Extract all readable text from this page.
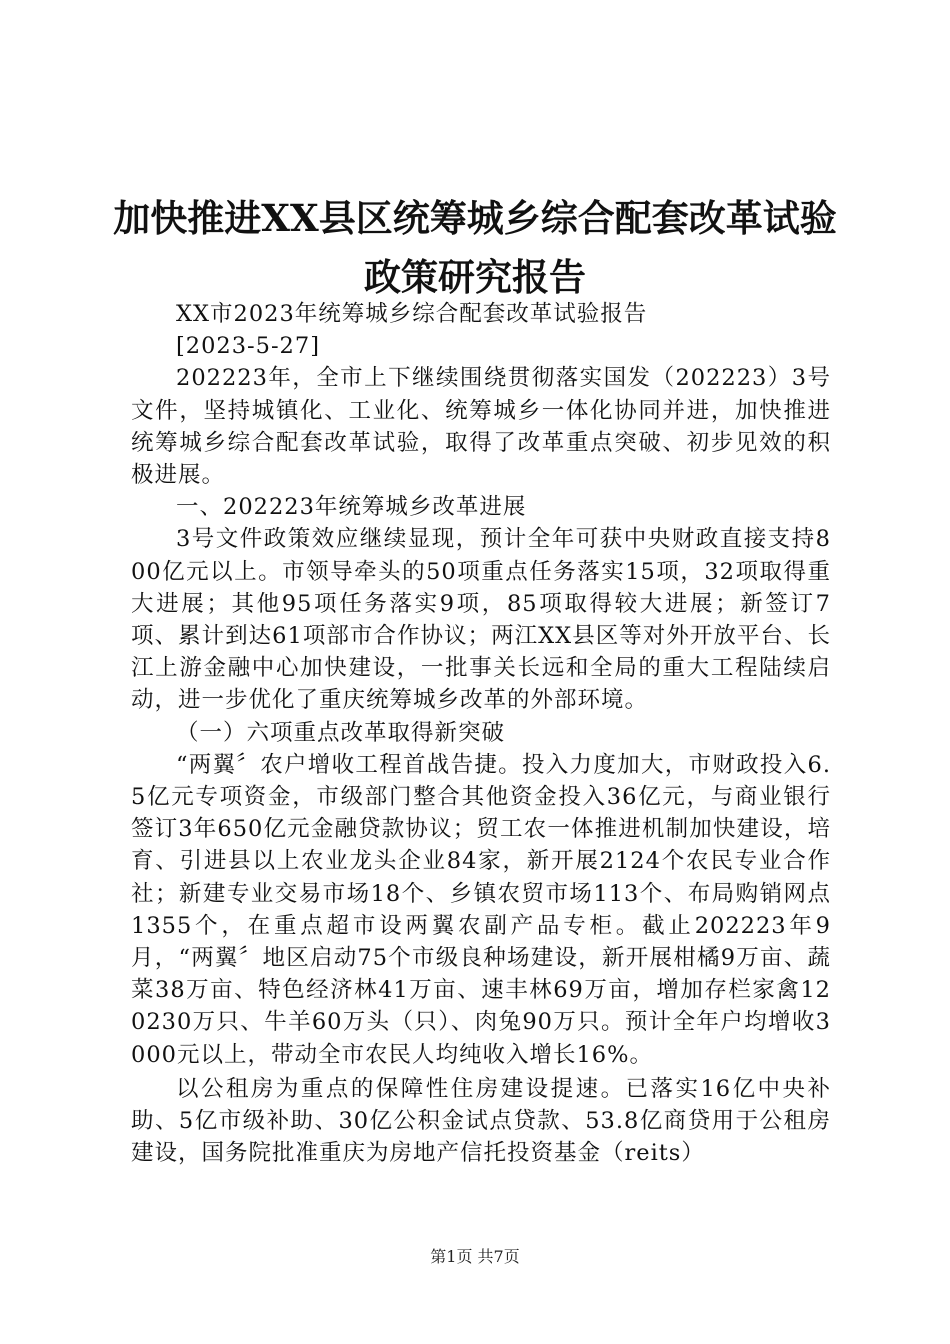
加快推进XX县区统筹城乡综合配套改革试验
政策研究报告

XX市2023年统筹城乡综合配套改革试验报告

[2023-5-27]

202223年，全市上下继续围绕贯彻落实国发（202223）3号文件，坚持城镇化、工业化、统筹城乡一体化协同并进，加快推进统筹城乡综合配套改革试验，取得了改革重点突破、初步见效的积极进展。

一、202223年统筹城乡改革进展

3号文件政策效应继续显现，预计全年可获中央财政直接支持800亿元以上。市领导牵头的50项重点任务落实15项，32项取得重大进展；其他95项任务落实9项，85项取得较大进展；新签订7项、累计到达61项部市合作协议；两江XX县区等对外开放平台、长江上游金融中心加快建设，一批事关长远和全局的重大工程陆续启动，进一步优化了重庆统筹城乡改革的外部环境。

（一）六项重点改革取得新突破

“两翼〞农户增收工程首战告捷。投入力度加大，市财政投入6.5亿元专项资金，市级部门整合其他资金投入36亿元，与商业银行签订3年650亿元金融贷款协议；贸工农一体推进机制加快建设，培育、引进县以上农业龙头企业84家，新开展2124个农民专业合作社；新建专业交易市场18个、乡镇农贸市场113个、布局购销网点1355个，在重点超市设两翼农副产品专柜。截止202223年9月，“两翼〞地区启动75个市级良种场建设，新开展柑橘9万亩、蔬菜38万亩、特色经济林41万亩、速丰林69万亩，增加存栏家禽120230万只、牛羊60万头（只）、肉兔90万只。预计全年户均增收3000元以上，带动全市农民人均纯收入增长16%。

以公租房为重点的保障性住房建设提速。已落实16亿中央补助、5亿市级补助、30亿公积金试点贷款、53.8亿商贷用于公租房建设，国务院批准重庆为房地产信托投资基金（reits）

第1页 共7页
